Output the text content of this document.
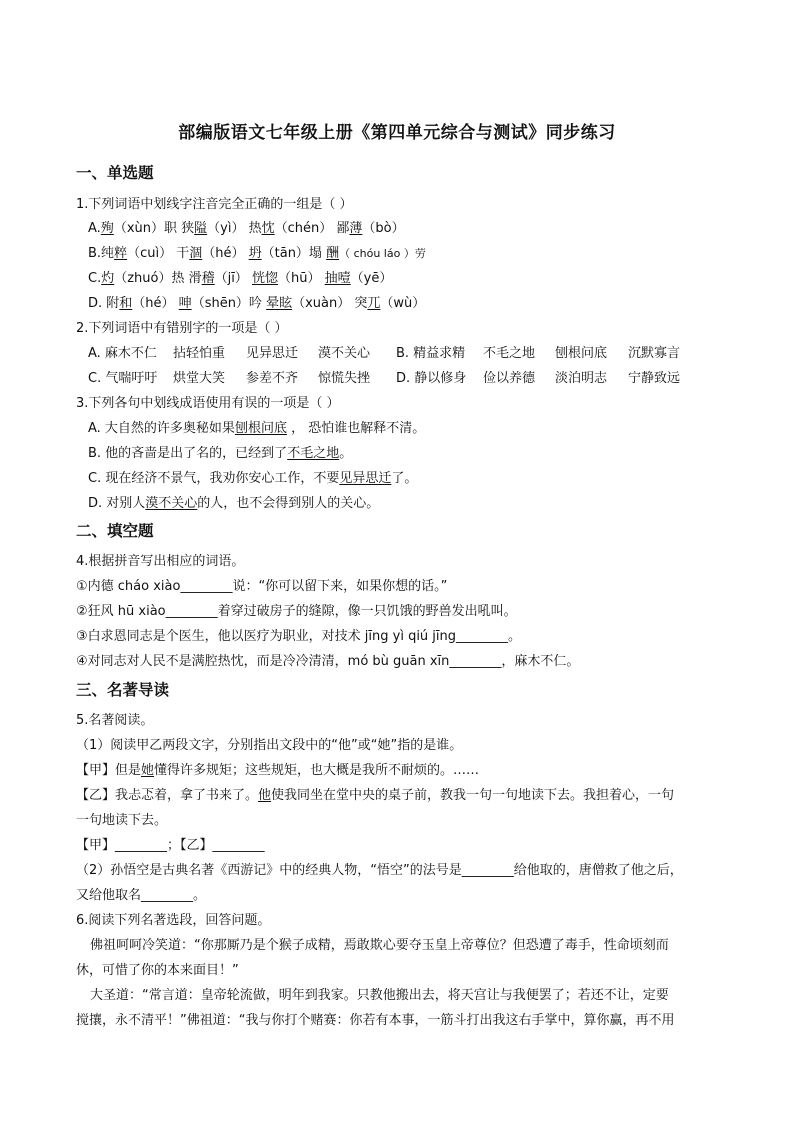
部编版语文七年级上册《第四单元综合与测试》同步练习
一、单选题
1.下列词语中划线字注音完全正确的一组是（ ）
A.殉（xùn）职 狭隘（yì） 热忱（chén） 鄙薄（bò）
B.纯粹（cuì） 干涸（hé） 坍（tān）塌 酬（ chóu láo ）劳
C.灼（zhuó）热 滑稽（jī） 恍惚（hū） 抽噎（yē）
D. 附和（hé） 呻（shēn）吟 晕眩（xuàn） 突兀（wù）
2.下列词语中有错别字的一项是（ ）
A. 麻木不仁 拈轻怕重 见异思迁 漠不关心 B. 精益求精 不毛之地 刨根问底 沉默寡言
C. 气喘吁吁 烘堂大笑 参差不齐 惊慌失挫 D. 静以修身 俭以养德 淡泊明志 宁静致远
3.下列各句中划线成语使用有误的一项是（ ）
A. 大自然的许多奥秘如果刨根问底 ， 恐怕谁也解释不清。
B. 他的吝啬是出了名的，已经到了不毛之地。
C. 现在经济不景气，我劝你安心工作，不要见异思迁了。
D. 对别人漠不关心的人，也不会得到别人的关心。
二、填空题
4.根据拼音写出相应的词语。
①内德 cháo xiào________说：“你可以留下来，如果你想的话。”
②狂风 hū xiào________着穿过破房子的缝隙，像一只饥饿的野兽发出吼叫。
③白求恩同志是个医生，他以医疗为职业，对技术 jīng yì qiú jīng________。
④对同志对人民不是满腔热忱，而是冷冷清清，mó bù guān xīn________，麻木不仁。
三、名著导读
5.名著阅读。
（1）阅读甲乙两段文字，分别指出文段中的“他”或“她”指的是谁。
【甲】但是她懂得许多规矩；这些规矩，也大概是我所不耐烦的。……
【乙】我忐忑着，拿了书来了。他使我同坐在堂中央的桌子前，教我一句一句地读下去。我担着心，一句
一句地读下去。
【甲】________；【乙】________
（2）孙悟空是古典名著《西游记》中的经典人物，“悟空”的法号是________给他取的，唐僧救了他之后，
又给他取名________。
6.阅读下列名著选段，回答问题。
佛祖呵呵冷笑道：“你那厮乃是个猴子成精，焉敢欺心要夺玉皇上帝尊位？但恐遭了毒手，性命顷刻而
休，可惜了你的本来面目！”
大圣道：“常言道：皇帝轮流做，明年到我家。只教他搬出去，将天宫让与我便罢了；若还不让，定要
搅攘，永不清平！”佛祖道：“我与你打个赌赛：你若有本事，一筋斗打出我这右手掌中，算你赢，再不用
